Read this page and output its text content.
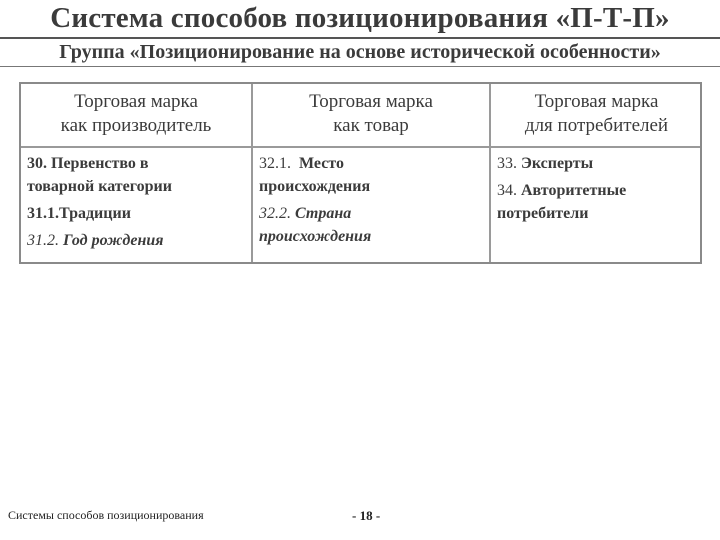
Система способов позиционирования «П-Т-П»
Группа «Позиционирование на основе исторической особенности»
Торговая марка
как производитель
Торговая марка
как товар
Торговая марка
для потребителей
30. Первенство в
товарной категории
31.1.Традиции
31.2. Год рождения
32.1. Место
происхождения
32.2. Страна
происхождения
33. Эксперты
34. Авторитетные
потребители
Системы способов позиционирования	- 18 -
